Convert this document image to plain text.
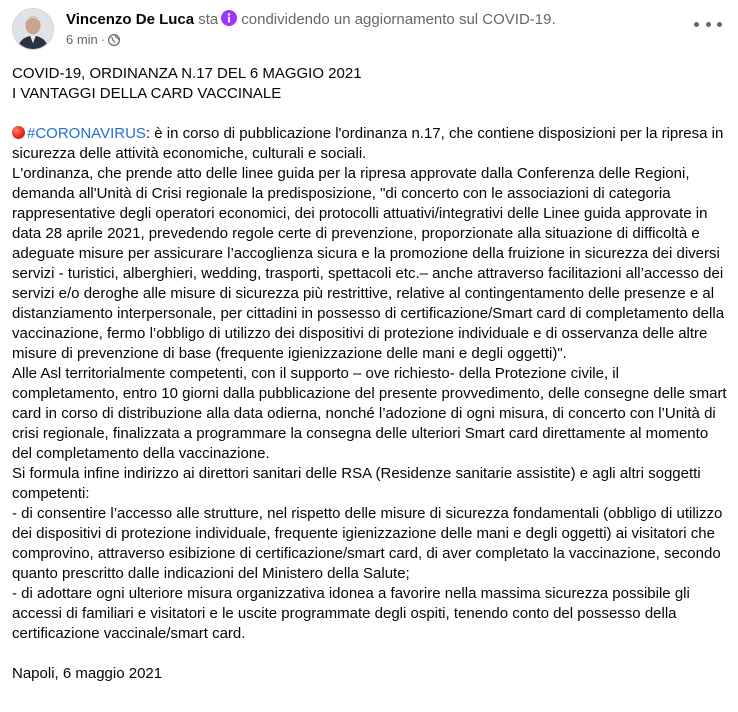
Vincenzo De Luca sta condividendo un aggiornamento sul COVID-19.
6 min ·

COVID-19, ORDINANZA N.17 DEL 6 MAGGIO 2021

I VANTAGGI DELLA CARD VACCINALE

#CORONAVIRUS: è in corso di pubblicazione l'ordinanza n.17, che contiene disposizioni per la ripresa in sicurezza delle attività economiche, culturali e sociali.

L'ordinanza, che prende atto delle linee guida per la ripresa approvate dalla Conferenza delle Regioni, demanda all'Unità di Crisi regionale la predisposizione, "di concerto con le associazioni di categoria rappresentative degli operatori economici, dei protocolli attuativi/integrativi delle Linee guida approvate in data 28 aprile 2021, prevedendo regole certe di prevenzione, proporzionate alla situazione di difficoltà e adeguate misure per assicurare l’accoglienza sicura e la promozione della fruizione in sicurezza dei diversi servizi - turistici, alberghieri, wedding, trasporti, spettacoli etc.– anche attraverso facilitazioni all’accesso dei servizi e/o deroghe alle misure di sicurezza più restrittive, relative al contingentamento delle presenze e al distanziamento interpersonale, per cittadini in possesso di certificazione/Smart card di completamento della vaccinazione, fermo l’obbligo di utilizzo dei dispositivi di protezione individuale e di osservanza delle altre misure di prevenzione di base (frequente igienizzazione delle mani e degli oggetti)".

Alle Asl territorialmente competenti, con il supporto – ove richiesto- della Protezione civile, il completamento, entro 10 giorni dalla pubblicazione del presente provvedimento, delle consegne delle smart card in corso di distribuzione alla data odierna, nonché l’adozione di ogni misura, di concerto con l’Unità di crisi regionale, finalizzata a programmare la consegna delle ulteriori Smart card direttamente al momento del completamento della vaccinazione.

Si formula infine indirizzo ai direttori sanitari delle RSA (Residenze sanitarie assistite) e agli altri soggetti competenti:

- di consentire l’accesso alle strutture, nel rispetto delle misure di sicurezza fondamentali (obbligo di utilizzo dei dispositivi di protezione individuale, frequente igienizzazione delle mani e degli oggetti) ai visitatori che comprovino, attraverso esibizione di certificazione/smart card, di aver completato la vaccinazione, secondo quanto prescritto dalle indicazioni del Ministero della Salute;

- di adottare ogni ulteriore misura organizzativa idonea a favorire nella massima sicurezza possibile gli accessi di familiari e visitatori e le uscite programmate degli ospiti, tenendo conto del possesso della certificazione vaccinale/smart card.

Napoli, 6 maggio 2021
